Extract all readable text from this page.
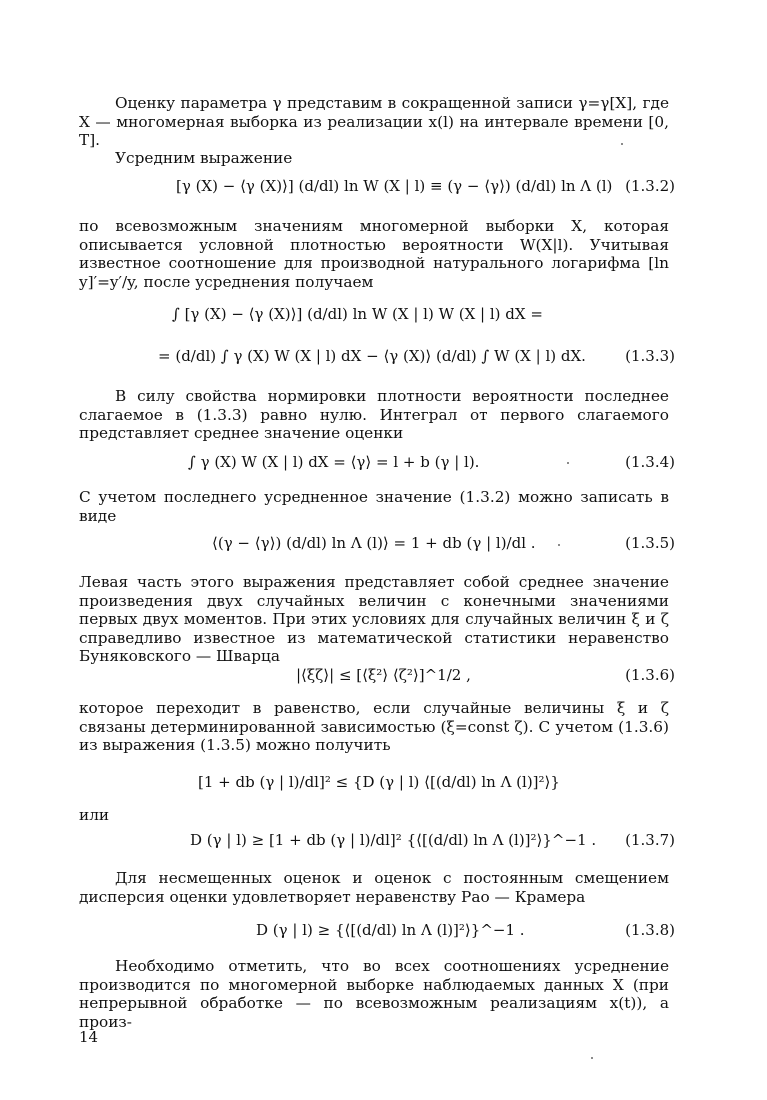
Оценку параметра γ представим в сокращенной записи γ=γ[X], где X — многомерная выборка из реализации x(l) на интервале времени [0, T].

Усредним выражение

[γ (X) − ⟨γ (X)⟩] (d/dl) ln W (X | l) ≡ (γ − ⟨γ⟩) (d/dl) ln Λ (l) (1.3.2)

по всевозможным значениям многомерной выборки X, которая описывается условной плотностью вероятности W(X|l). Учитывая известное соотношение для производной натурального логарифма [ln y]′=y′/y, после усреднения получаем

∫ [γ (X) − ⟨γ (X)⟩] (d/dl) ln W (X | l) W (X | l) dX =
= (d/dl) ∫ γ (X) W (X | l) dX − ⟨γ (X)⟩ (d/dl) ∫ W (X | l) dX.	(1.3.3)

В силу свойства нормировки плотности вероятности последнее слагаемое в (1.3.3) равно нулю. Интеграл от первого слагаемого представляет среднее значение оценки

∫ γ (X) W (X | l) dX = ⟨γ⟩ = l + b (γ | l).	(1.3.4)

С учетом последнего усредненное значение (1.3.2) можно записать в виде

⟨(γ − ⟨γ⟩) (d/dl) ln Λ (l)⟩ = 1 + db (γ | l)/dl .	(1.3.5)

Левая часть этого выражения представляет собой среднее значение произведения двух случайных величин с конечными значениями первых двух моментов. При этих условиях для случайных величин ξ и ζ справедливо известное из математической статистики неравенство Буняковского — Шварца

|⟨ξζ⟩| ≤ [⟨ξ²⟩ ⟨ζ²⟩]^1/2 ,	(1.3.6)

которое переходит в равенство, если случайные величины ξ и ζ связаны детерминированной зависимостью (ξ=const ζ). С учетом (1.3.6) из выражения (1.3.5) можно получить

[1 + db (γ | l)/dl]² ≤ {D (γ | l) ⟨[(d/dl) ln Λ (l)]²⟩}

или

D (γ | l) ≥ [1 + db (γ | l)/dl]² {⟨[(d/dl) ln Λ (l)]²⟩}^−1 . (1.3.7)

Для несмещенных оценок и оценок с постоянным смещением дисперсия оценки удовлетворяет неравенству Рао — Крамера

D (γ | l) ≥ {⟨[(d/dl) ln Λ (l)]²⟩}^−1 .	(1.3.8)

Необходимо отметить, что во всех соотношениях усреднение производится по многомерной выборке наблюдаемых данных X (при непрерывной обработке — по всевозможным реализациям x(t)), а произ-

14
